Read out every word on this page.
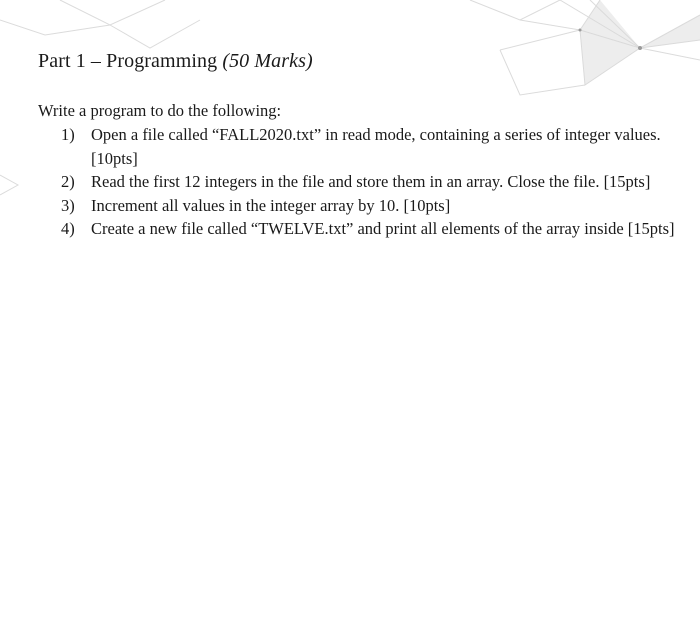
Part 1 – Programming (50 Marks)
Write a program to do the following:
1) Open a file called “FALL2020.txt” in read mode, containing a series of integer values. [10pts]
2) Read the first 12 integers in the file and store them in an array. Close the file. [15pts]
3) Increment all values in the integer array by 10. [10pts]
4) Create a new file called “TWELVE.txt” and print all elements of the array inside [15pts]
